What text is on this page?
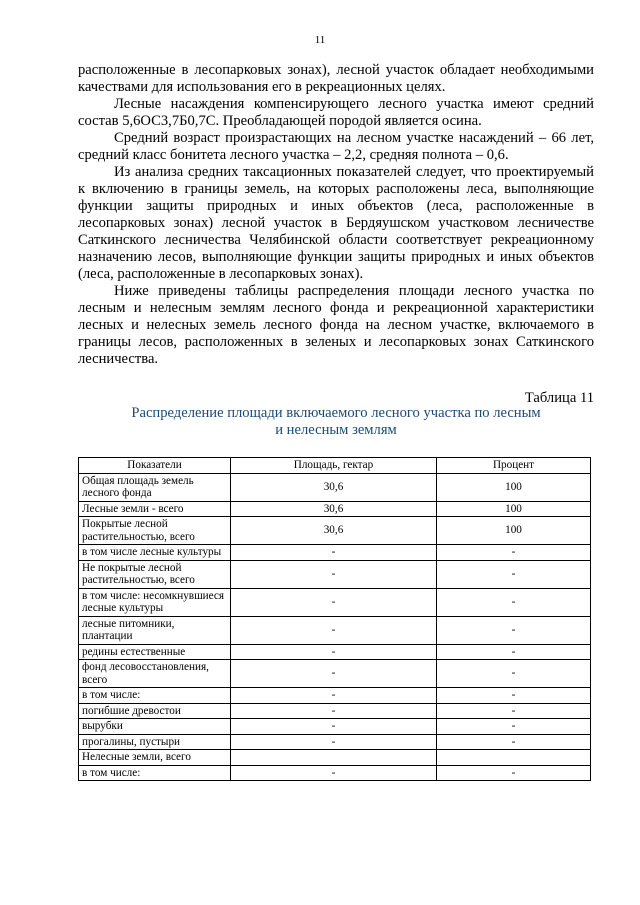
11

расположенные в лесопарковых зонах), лесной участок обладает необходимыми качествами для использования его в рекреационных целях.

Лесные насаждения компенсирующего лесного участка имеют средний состав 5,6ОС3,7Б0,7С. Преобладающей породой является осина.

Средний возраст произрастающих на лесном участке насаждений – 66 лет, средний класс бонитета лесного участка – 2,2, средняя полнота – 0,6.

Из анализа средних таксационных показателей следует, что проектируемый к включению в границы земель, на которых расположены леса, выполняющие функции защиты природных и иных объектов (леса, расположенные в лесопарковых зонах) лесной участок в Бердяушском участковом лесничестве Саткинского лесничества Челябинской области соответствует рекреационному назначению лесов, выполняющие функции защиты природных и иных объектов (леса, расположенные в лесопарковых зонах).

Ниже приведены таблицы распределения площади лесного участка по лесным и нелесным землям лесного фонда и рекреационной характеристики лесных и нелесных земель лесного фонда на лесном участке, включаемого в границы лесов, расположенных в зеленых и лесопарковых зонах Саткинского лесничества.

Таблица 11
Распределение площади включаемого лесного участка по лесным
и нелесным землям
Показатели	Площадь, гектар	Процент
Общая площадь земель лесного фонда	30,6	100
Лесные земли - всего	30,6	100
Покрытые лесной растительностью, всего	30,6	100
в том числе лесные культуры	-	-
Не покрытые лесной растительностью, всего	-	-
в том числе: несомкнувшиеся лесные культуры	-	-
лесные питомники, плантации	-	-
редины естественные	-	-
фонд лесовосстановления, всего	-	-
в том числе:	-	-
погибшие древостои	-	-
вырубки	-	-
прогалины, пустыри	-	-
Нелесные земли, всего		
в том числе:	-	-
